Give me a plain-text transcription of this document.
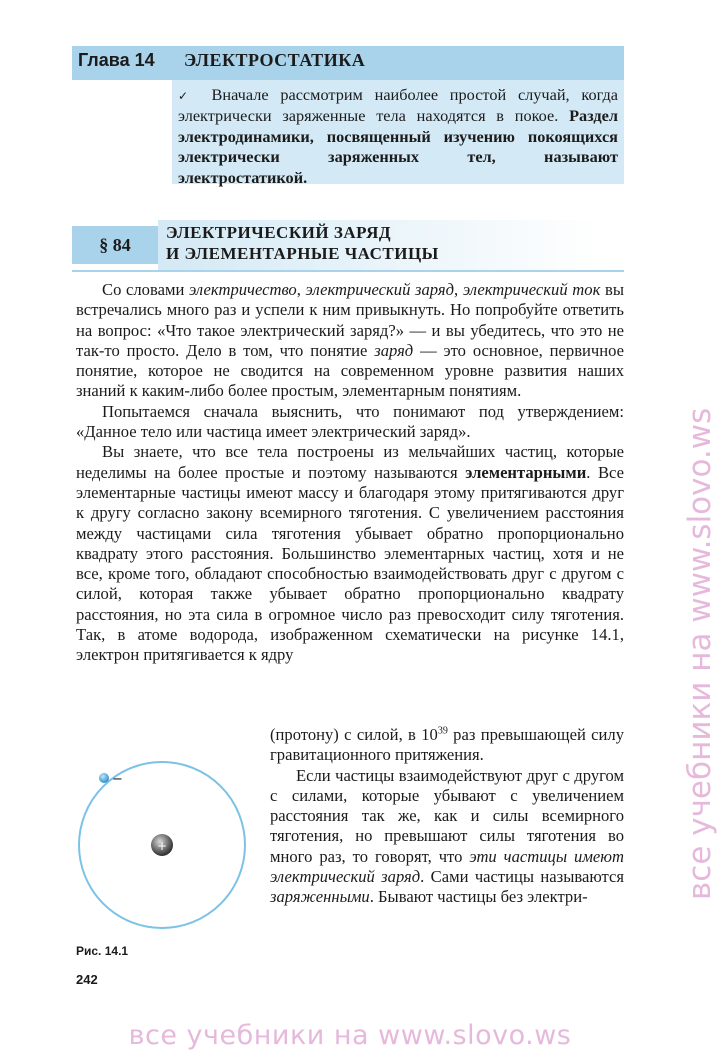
Глава 14 ЭЛЕКТРОСТАТИКА
✓ Вначале рассмотрим наиболее простой случай, когда электрически заряженные тела находятся в покое. Раздел электродинамики, посвященный изучению покоящихся электрически заряженных тел, называют электростатикой.
§ 84
ЭЛЕКТРИЧЕСКИЙ ЗАРЯД
И ЭЛЕМЕНТАРНЫЕ ЧАСТИЦЫ

Со словами электричество, электрический заряд, электрический ток вы встречались много раз и успели к ним привыкнуть. Но попробуйте ответить на вопрос: «Что такое электрический заряд?» — и вы убедитесь, что это не так-то просто. Дело в том, что понятие заряд — это основное, первичное понятие, которое не сводится на современном уровне развития наших знаний к каким-либо более простым, элементарным понятиям.

Попытаемся сначала выяснить, что понимают под утверждением: «Данное тело или частица имеет электрический заряд».

Вы знаете, что все тела построены из мельчайших частиц, которые неделимы на более простые и поэтому называются элементарными. Все элементарные частицы имеют массу и благодаря этому притягиваются друг к другу согласно закону всемирного тяготения. С увеличением расстояния между частицами сила тяготения убывает обратно пропорционально квадрату этого расстояния. Большинство элементарных частиц, хотя и не все, кроме того, обладают способностью взаимодействовать друг с другом с силой, которая также убывает обратно пропорционально квадрату расстояния, но эта сила в огромное число раз превосходит силу тяготения. Так, в атоме водорода, изображенном схематически на рисунке 14.1, электрон притягивается к ядру

(протону) с силой, в $10^{39}$ раз превышающей силу гравитационного притяжения.

Если частицы взаимодействуют друг с другом с силами, которые убывают с увеличением расстояния так же, как и силы всемирного тяготения, но превышают силы тяготения во много раз, то говорят, что эти частицы имеют электрический заряд. Сами частицы называются заряженными. Бывают частицы без электри-

+
−
Рис. 14.1
242
все учебники на www.slovo.ws
все учебники на www.slovo.ws
